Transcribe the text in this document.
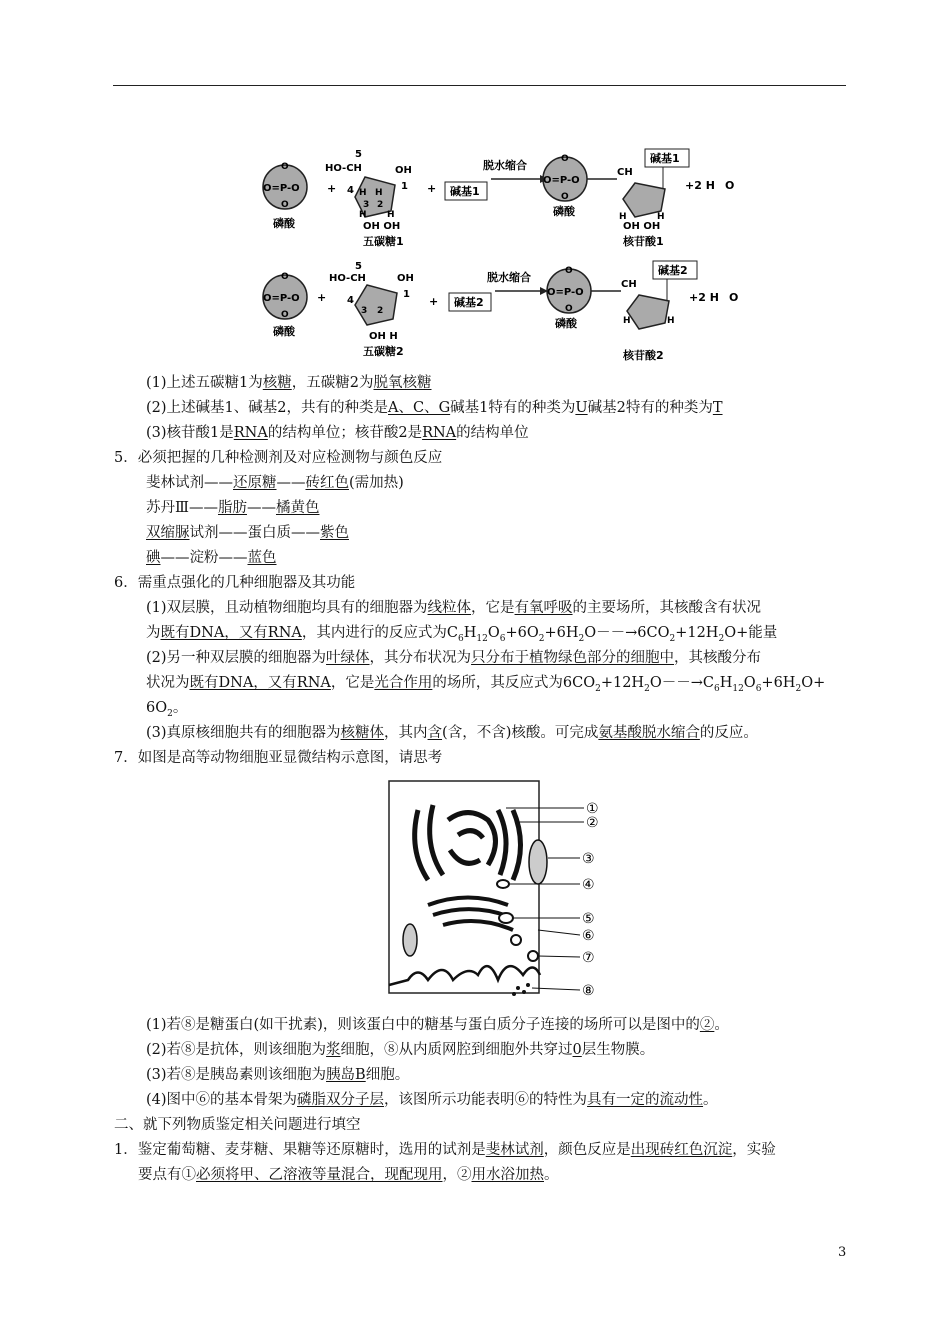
O
O=P-O
O
磷酸
+
5
HO-CH	OH
4	1
H H
3 2
H H
OH OH
五碳糖1
+ 碱基1
脱水缩合	O
O=P-O
O
磷酸
碱基1
CH
H	H
OH OH
核苷酸1
+2 H O
O
O=P-O
O
磷酸
+
5
HO-CH	OH
4
1
3 2
OH H
五碳糖2
+ 碱基2
脱水缩合	O
O=P-O
O
磷酸
碱基2
CH
H	H
核苷酸2
+2 H O
(1)上述五碳糖1为核糖，五碳糖2为脱氧核糖
(2)上述碱基1、碱基2，共有的种类是A、C、G碱基1特有的种类为U碱基2特有的种类为T
(3)核苷酸1是RNA的结构单位；核苷酸2是RNA的结构单位
5．必须把握的几种检测剂及对应检测物与颜色反应
斐林试剂——还原糖——砖红色(需加热)
苏丹Ⅲ——脂肪——橘黄色
双缩脲试剂——蛋白质——紫色
碘——淀粉——蓝色
6．需重点强化的几种细胞器及其功能
(1)双层膜，且动植物细胞均具有的细胞器为线粒体，它是有氧呼吸的主要场所，其核酸含有状况
为既有DNA，又有RNA，其内进行的反应式为$C_6H_{12}O_6+6O_2+6H_2O--\to 6CO_2+12H_2O+$能量
(2)另一种双层膜的细胞器为叶绿体，其分布状况为只分布于植物绿色部分的细胞中，其核酸分布
状况为既有DNA，又有RNA，它是光合作用的场所，其反应式为$6CO_2+12H_2O--\to C_6H_{12}O_6+6H_2O+$
$6O_2$。
(3)真原核细胞共有的细胞器为核糖体，其内含(含，不含)核酸。可完成氨基酸脱水缩合的反应。
7．如图是高等动物细胞亚显微结构示意图，请思考
①
②
③
④
⑤
⑥
⑦
⑧
(1)若⑧是糖蛋白(如干扰素)，则该蛋白中的糖基与蛋白质分子连接的场所可以是图中的②。
(2)若⑧是抗体，则该细胞为浆细胞，⑧从内质网腔到细胞外共穿过0层生物膜。
(3)若⑧是胰岛素则该细胞为胰岛B细胞。
(4)图中⑥的基本骨架为磷脂双分子层，该图所示功能表明⑥的特性为具有一定的流动性。
二、就下列物质鉴定相关问题进行填空
1．鉴定葡萄糖、麦芽糖、果糖等还原糖时，选用的试剂是斐林试剂，颜色反应是出现砖红色沉淀，实验
要点有①必须将甲、乙溶液等量混合，现配现用，②用水浴加热。
3
